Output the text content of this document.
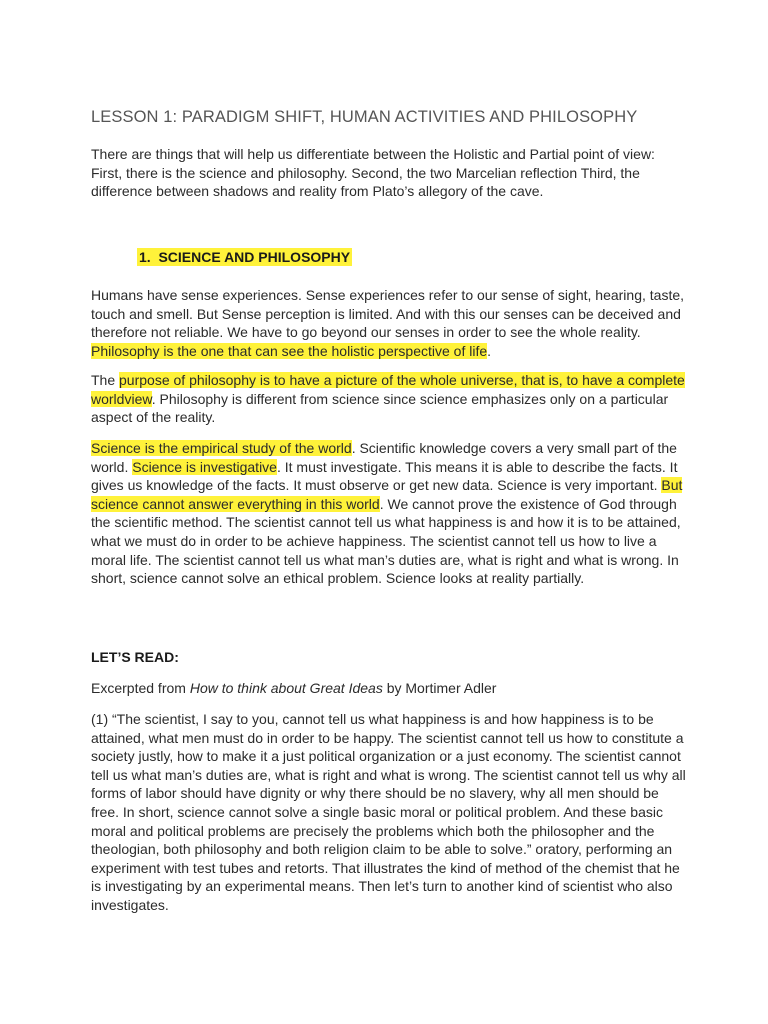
LESSON 1: PARADIGM SHIFT, HUMAN ACTIVITIES AND PHILOSOPHY
There are things that will help us differentiate between the Holistic and Partial point of view: First, there is the science and philosophy. Second, the two Marcelian reflection Third, the difference between shadows and reality from Plato’s allegory of the cave.
1. SCIENCE AND PHILOSOPHY
Humans have sense experiences. Sense experiences refer to our sense of sight, hearing, taste, touch and smell. But Sense perception is limited. And with this our senses can be deceived and therefore not reliable. We have to go beyond our senses in order to see the whole reality. Philosophy is the one that can see the holistic perspective of life.
The purpose of philosophy is to have a picture of the whole universe, that is, to have a complete worldview. Philosophy is different from science since science emphasizes only on a particular aspect of the reality.
Science is the empirical study of the world. Scientific knowledge covers a very small part of the world. Science is investigative. It must investigate. This means it is able to describe the facts. It gives us knowledge of the facts. It must observe or get new data. Science is very important. But science cannot answer everything in this world. We cannot prove the existence of God through the scientific method. The scientist cannot tell us what happiness is and how it is to be attained, what we must do in order to be achieve happiness. The scientist cannot tell us how to live a moral life. The scientist cannot tell us what man’s duties are, what is right and what is wrong. In short, science cannot solve an ethical problem. Science looks at reality partially.
LET’S READ:
Excerpted from How to think about Great Ideas by Mortimer Adler
(1) “The scientist, I say to you, cannot tell us what happiness is and how happiness is to be attained, what men must do in order to be happy. The scientist cannot tell us how to constitute a society justly, how to make it a just political organization or a just economy. The scientist cannot tell us what man’s duties are, what is right and what is wrong. The scientist cannot tell us why all forms of labor should have dignity or why there should be no slavery, why all men should be free. In short, science cannot solve a single basic moral or political problem. And these basic moral and political problems are precisely the problems which both the philosopher and the theologian, both philosophy and both religion claim to be able to solve.” oratory, performing an experiment with test tubes and retorts. That illustrates the kind of method of the chemist that he is investigating by an experimental means. Then let’s turn to another kind of scientist who also investigates.
